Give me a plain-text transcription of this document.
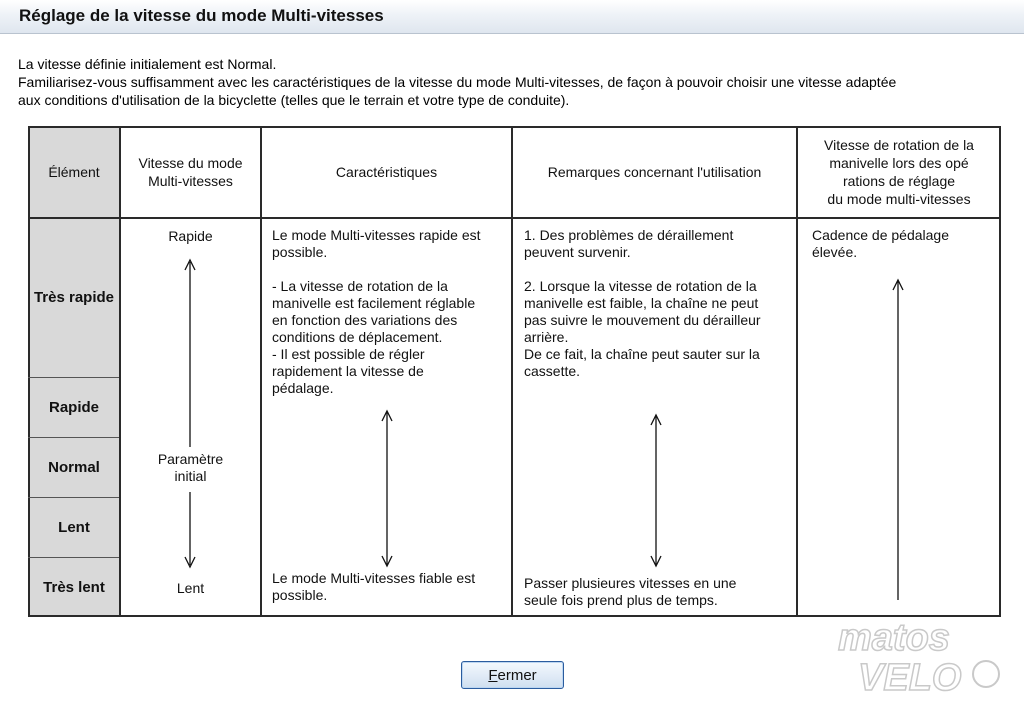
Réglage de la vitesse du mode Multi-vitesses
La vitesse définie initialement est Normal.
Familiarisez-vous suffisamment avec les caractéristiques de la vitesse du mode Multi-vitesses, de façon à pouvoir choisir une vitesse adaptée
aux conditions d'utilisation de la bicyclette (telles que le terrain et votre type de conduite).
Élément
Très rapide
Rapide
Normal
Lent
Très lent
Vitesse du mode
Multi-vitesses
Caractéristiques	Remarques concernant l'utilisation
Vitesse de rotation de la
manivelle lors des opé
rations de réglage
du mode multi-vitesses
Rapide
Paramètre
initial
Lent
Le mode Multi-vitesses rapide est
possible.
- La vitesse de rotation de la
manivelle est facilement réglable
en fonction des variations des
conditions de déplacement.
- Il est possible de régler
rapidement la vitesse de
pédalage.
Le mode Multi-vitesses fiable est
possible.
1. Des problèmes de déraillement
peuvent survenir.
2. Lorsque la vitesse de rotation de la
manivelle est faible, la chaîne ne peut
pas suivre le mouvement du dérailleur
arrière.
De ce fait, la chaîne peut sauter sur la
cassette.
Passer plusieures vitesses en une
seule fois prend plus de temps.
Cadence de pédalage
élevée.
matos
VELO
F ermer
